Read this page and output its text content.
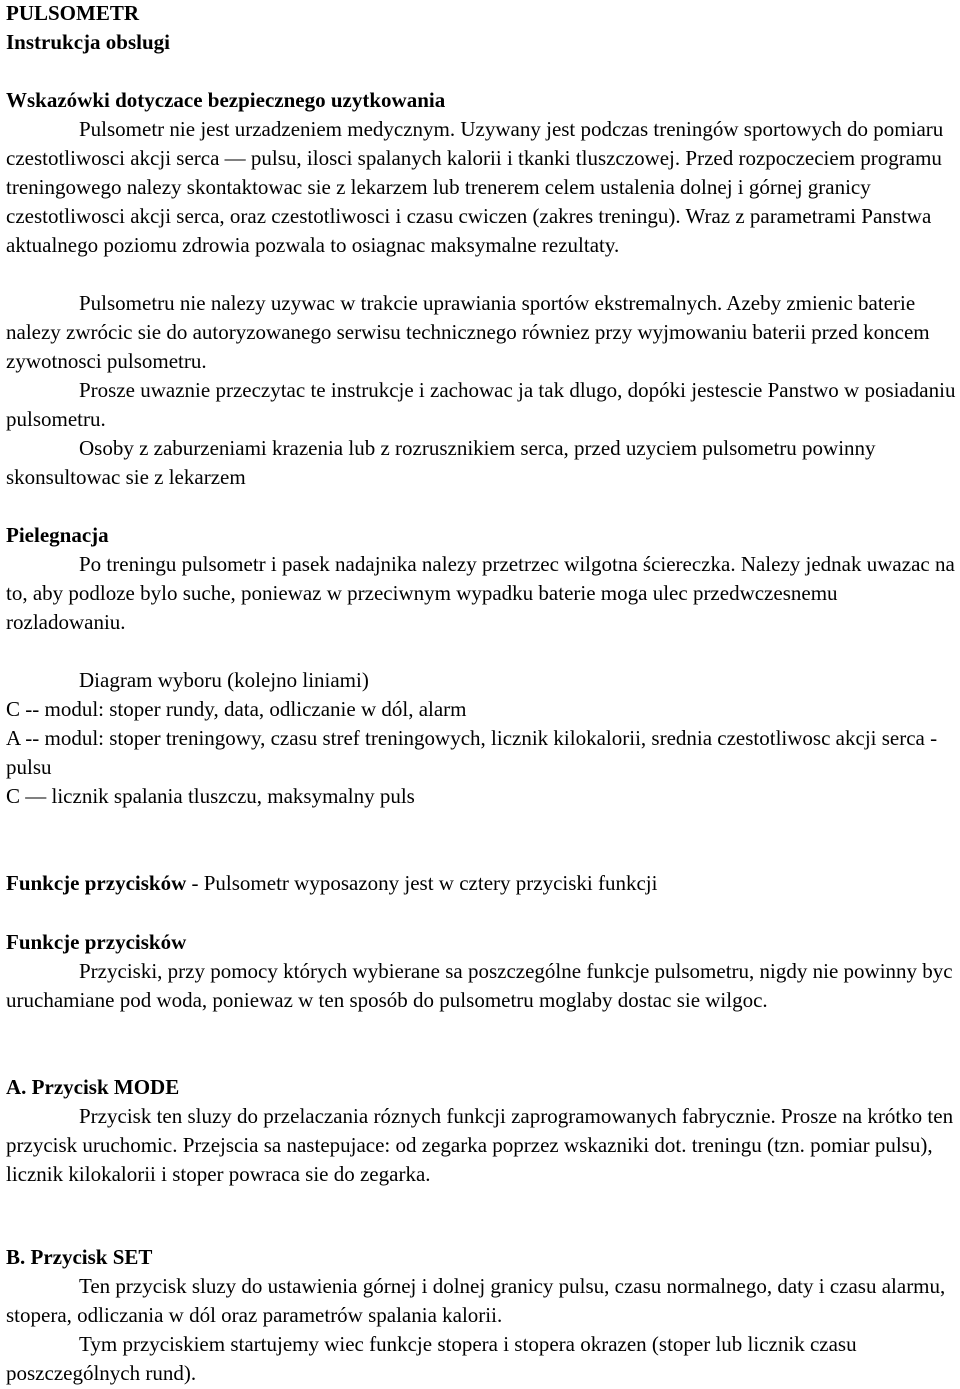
PULSOMETR
Instrukcja obslugi
Wskazówki dotyczace bezpiecznego uzytkowania

Pulsometr nie jest urzadzeniem medycznym. Uzywany jest podczas treningów sportowych do pomiaru czestotliwosci akcji serca — pulsu, ilosci spalanych kalorii i tkanki tluszczowej. Przed rozpoczeciem programu treningowego nalezy skontaktowac sie z lekarzem lub trenerem celem ustalenia dolnej i górnej granicy czestotliwosci akcji serca, oraz czestotliwosci i czasu cwiczen (zakres treningu). Wraz z parametrami Panstwa aktualnego poziomu zdrowia pozwala to osiagnac maksymalne rezultaty.

Pulsometru nie nalezy uzywac w trakcie uprawiania sportów ekstremalnych. Azeby zmienic baterie nalezy zwrócic sie do autoryzowanego serwisu technicznego równiez przy wyjmowaniu baterii przed koncem zywotnosci pulsometru.

Prosze uwaznie przeczytac te instrukcje i zachowac ja tak dlugo, dopóki jestescie Panstwo w posiadaniu pulsometru.

Osoby z zaburzeniami krazenia lub z rozrusznikiem serca, przed uzyciem pulsometru powinny skonsultowac sie z lekarzem

Pielegnacja

Po treningu pulsometr i pasek nadajnika nalezy przetrzec wilgotna ściereczka. Nalezy jednak uwazac na to, aby podloze bylo suche, poniewaz w przeciwnym wypadku baterie moga ulec przedwczesnemu rozladowaniu.

Diagram wyboru (kolejno liniami)

C -- modul: stoper rundy, data, odliczanie w dól, alarm

A -- modul: stoper treningowy, czasu stref treningowych, licznik kilokalorii, srednia czestotliwosc akcji serca -pulsu

C — licznik spalania tluszczu, maksymalny puls

Funkcje przycisków - Pulsometr wyposazony jest w cztery przyciski funkcji
Funkcje przycisków

Przyciski, przy pomocy których wybierane sa poszczególne funkcje pulsometru, nigdy nie powinny byc uruchamiane pod woda, poniewaz w ten sposób do pulsometru moglaby dostac sie wilgoc.

A. Przycisk MODE

Przycisk ten sluzy do przelaczania róznych funkcji zaprogramowanych fabrycznie. Prosze na krótko ten przycisk uruchomic. Przejscia sa nastepujace: od zegarka poprzez wskazniki dot. treningu (tzn. pomiar pulsu), licznik kilokalorii i stoper powraca sie do zegarka.

B. Przycisk SET

Ten przycisk sluzy do ustawienia górnej i dolnej granicy pulsu, czasu normalnego, daty i czasu alarmu, stopera, odliczania w dól oraz parametrów spalania kalorii.

Tym przyciskiem startujemy wiec funkcje stopera i stopera okrazen (stoper lub licznik czasu poszczególnych rund).
